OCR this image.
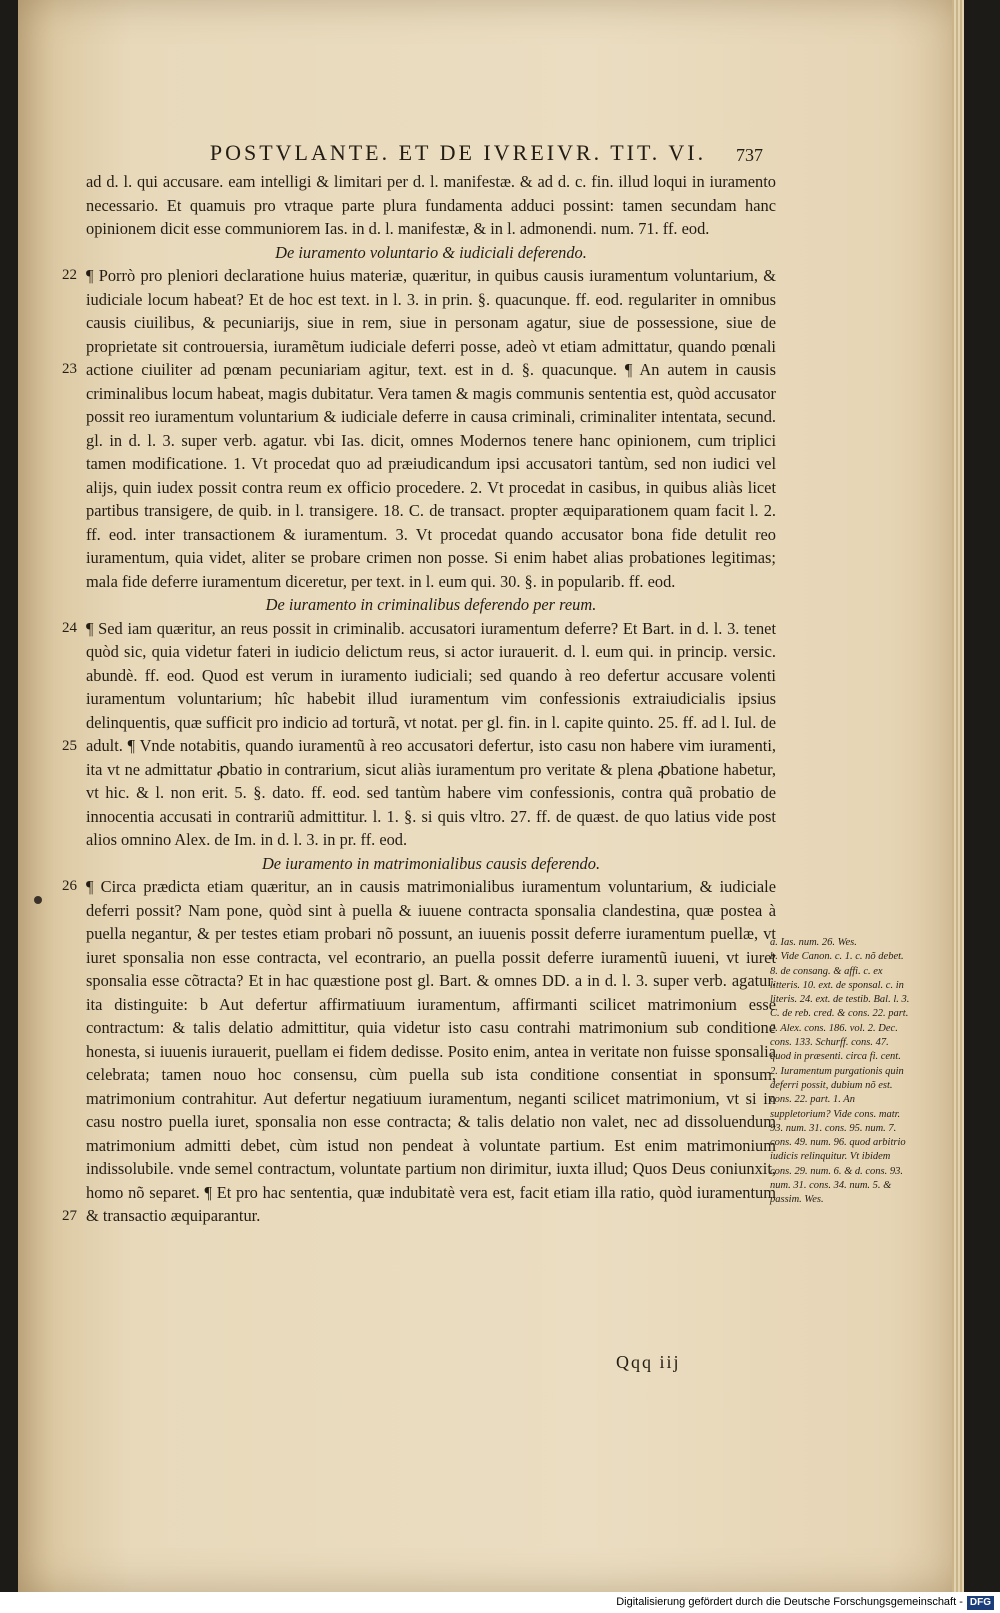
POSTVLANTE. ET DE IVREIVR. TIT. VI.	737

ad d. l. qui accusare. eam intelligi & limitari per d. l. manifestæ. & ad d. c. fin. illud loqui in iuramento necessario. Et quamuis pro vtraque parte plura fundamenta adduci possint: tamen secundam hanc opinionem dicit esse communiorem Ias. in d. l. manifestæ, & in l. admonendi. num. 71. ff. eod.

De iuramento voluntario & iudiciali deferendo.

22
23

¶ Porrò pro pleniori declaratione huius materiæ, quæritur, in quibus causis iuramentum voluntarium, & iudiciale locum habeat? Et de hoc est text. in l. 3. in prin. §. quacunque. ff. eod. regulariter in omnibus causis ciuilibus, & pecuniarijs, siue in rem, siue in personam agatur, siue de possessione, siue de proprietate sit controuersia, iuramẽtum iudiciale deferri posse, adeò vt etiam admittatur, quando pœnali actione ciuiliter ad pœnam pecuniariam agitur, text. est in d. §. quacunque. ¶ An autem in causis criminalibus locum habeat, magis dubitatur. Vera tamen & magis communis sententia est, quòd accusator possit reo iuramentum voluntarium & iudiciale deferre in causa criminali, criminaliter intentata, secund. gl. in d. l. 3. super verb. agatur. vbi Ias. dicit, omnes Modernos tenere hanc opinionem, cum triplici tamen modificatione. 1. Vt procedat quo ad præiudicandum ipsi accusatori tantùm, sed non iudici vel alijs, quin iudex possit contra reum ex officio procedere. 2. Vt procedat in casibus, in quibus aliàs licet partibus transigere, de quib. in l. transigere. 18. C. de transact. propter æquiparationem quam facit l. 2. ff. eod. inter transactionem & iuramentum. 3. Vt procedat quando accusator bona fide detulit reo iuramentum, quia videt, aliter se probare crimen non posse. Si enim habet alias probationes legitimas; mala fide deferre iuramentum diceretur, per text. in l. eum qui. 30. §. in popularib. ff. eod.

De iuramento in criminalibus deferendo per reum.

24
25

¶ Sed iam quæritur, an reus possit in criminalib. accusatori iuramentum deferre? Et Bart. in d. l. 3. tenet quòd sic, quia videtur fateri in iudicio delictum reus, si actor iurauerit. d. l. eum qui. in princip. versic. abundè. ff. eod. Quod est verum in iuramento iudiciali; sed quando à reo defertur accusare volenti iuramentum voluntarium; hîc habebit illud iuramentum vim confessionis extraiudicialis ipsius delinquentis, quæ sufficit pro indicio ad torturã, vt notat. per gl. fin. in l. capite quinto. 25. ff. ad l. Iul. de adult. ¶ Vnde notabitis, quando iuramentũ à reo accusatori defertur, isto casu non habere vim iuramenti, ita vt ne admittatur ꝓbatio in contrarium, sicut aliàs iuramentum pro veritate & plena ꝓbatione habetur, vt hic. & l. non erit. 5. §. dato. ff. eod. sed tantùm habere vim confessionis, contra quã probatio de innocentia accusati in contrariũ admittitur. l. 1. §. si quis vltro. 27. ff. de quæst. de quo latius vide post alios omnino Alex. de Im. in d. l. 3. in pr. ff. eod.

De iuramento in matrimonialibus causis deferendo.

26
27

¶ Circa prædicta etiam quæritur, an in causis matrimonialibus iuramentum voluntarium, & iudiciale deferri possit? Nam pone, quòd sint à puella & iuuene contracta sponsalia clandestina, quæ postea à puella negantur, & per testes etiam probari nõ possunt, an iuuenis possit deferre iuramentum puellæ, vt iuret sponsalia non esse contracta, vel econtrario, an puella possit deferre iuramentũ iuueni, vt iuret sponsalia esse cõtracta? Et in hac quæstione post gl. Bart. & omnes DD. a in d. l. 3. super verb. agatur. ita distinguite: b Aut defertur affirmatiuum iuramentum, affirmanti scilicet matrimonium esse contractum: & talis delatio admittitur, quia videtur isto casu contrahi matrimonium sub conditione honesta, si iuuenis iurauerit, puellam ei fidem dedisse. Posito enim, antea in veritate non fuisse sponsalia celebrata; tamen nouo hoc consensu, cùm puella sub ista conditione consentiat in sponsum, matrimonium contrahitur. Aut defertur negatiuum iuramentum, neganti scilicet matrimonium, vt si in casu nostro puella iuret, sponsalia non esse contracta; & talis delatio non valet, nec ad dissoluendum matrimonium admitti debet, cùm istud non pendeat à voluntate partium. Est enim matrimonium indissolubile. vnde semel contractum, voluntate partium non dirimitur, iuxta illud; Quos Deus coniunxit, homo nõ separet. ¶ Et pro hac sententia, quæ indubitatè vera est, facit etiam illa ratio, quòd iuramentum & transactio æquiparantur.

a. Ias. num. 26. Wes.
b. Vide Canon. c. 1. c. nõ debet. 8. de consang. & affi. c. ex litteris. 10. ext. de sponsal. c. in literis. 24. ext. de testib. Bal. l. 3. C. de reb. cred. & cons. 22. part. 2. Alex. cons. 186. vol. 2. Dec. cons. 133. Schurff. cons. 47. quod in præsenti. circa fi. cent. 2. Iuramentum purgationis quin deferri possit, dubium nõ est. cons. 22. part. 1. An suppletorium? Vide cons. matr. 93. num. 31. cons. 95. num. 7. cons. 49. num. 96. quod arbitrio iudicis relinquitur. Vt ibidem cons. 29. num. 6. & d. cons. 93. num. 31. cons. 34. num. 5. & passim. Wes.
Qqq iij
Digitalisierung gefördert durch die Deutsche Forschungsgemeinschaft - DFG
